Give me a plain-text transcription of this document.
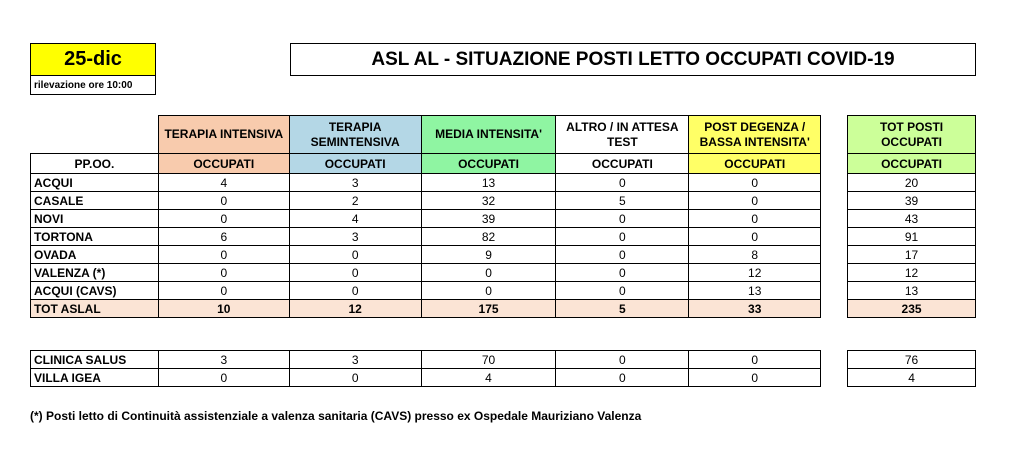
25-dic
rilevazione ore 10:00
ASL AL - SITUAZIONE POSTI LETTO OCCUPATI COVID-19
	TERAPIA INTENSIVA	TERAPIA SEMINTENSIVA	MEDIA INTENSITA'	ALTRO / IN ATTESA TEST	POST DEGENZA / BASSA INTENSITA'		TOT POSTI OCCUPATI
PP.OO.	OCCUPATI	OCCUPATI	OCCUPATI	OCCUPATI	OCCUPATI		OCCUPATI
ACQUI	4	3	13	0	0		20
CASALE	0	2	32	5	0		39
NOVI	0	4	39	0	0		43
TORTONA	6	3	82	0	0		91
OVADA	0	0	9	0	8		17
VALENZA (*)	0	0	0	0	12		12
ACQUI (CAVS)	0	0	0	0	13		13
TOT ASLAL	10	12	175	5	33		235
CLINICA SALUS	3	3	70	0	0		76
VILLA IGEA	0	0	4	0	0		4
(*) Posti letto di Continuità assistenziale a valenza sanitaria (CAVS) presso ex Ospedale Mauriziano Valenza
